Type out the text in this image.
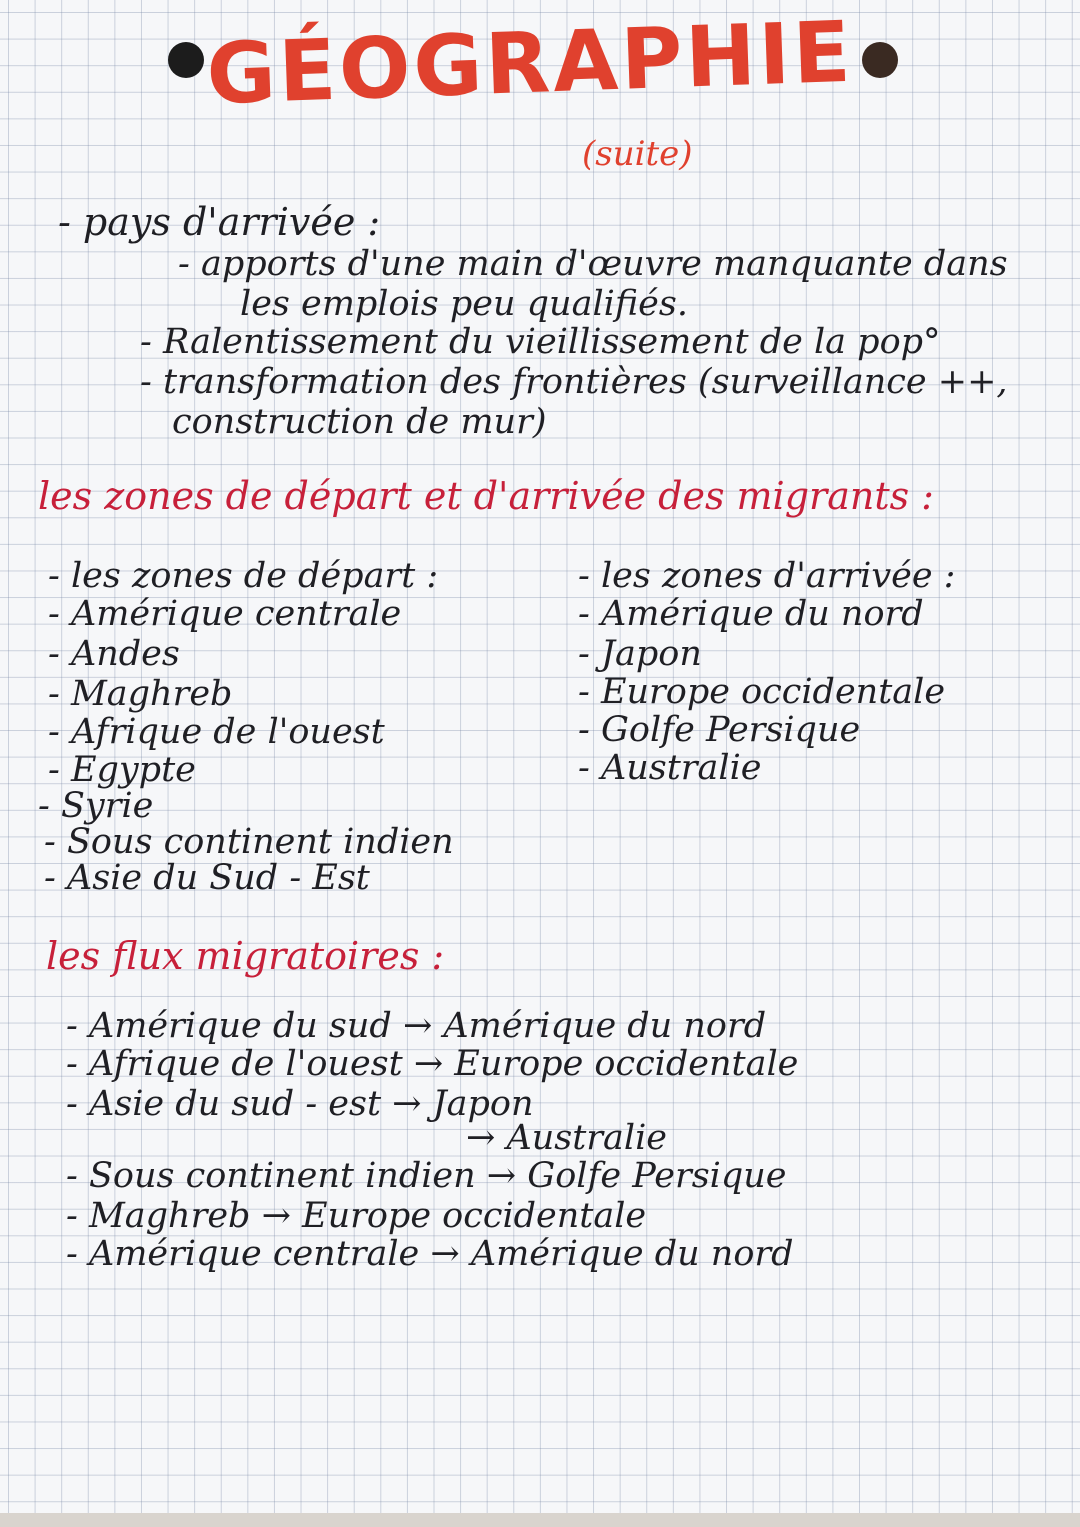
GÉOGRAPHIE
(suite)
- pays d'arrivée :
- apports d'une main d'œuvre manquante dans
les emplois peu qualifiés.
- Ralentissement du vieillissement de la pop°
- transformation des frontières (surveillance ++,
construction de mur)
les zones de départ et d'arrivée des migrants :
- les zones de départ :
- Amérique centrale
- Andes
- Maghreb
- Afrique de l'ouest
- Egypte
- Syrie
- Sous continent indien
- Asie du Sud - Est
- les zones d'arrivée :
- Amérique du nord
- Japon
- Europe occidentale
- Golfe Persique
- Australie
les flux migratoires :
- Amérique du sud → Amérique du nord
- Afrique de l'ouest → Europe occidentale
- Asie du sud - est → Japon
→ Australie
- Sous continent indien → Golfe Persique
- Maghreb → Europe occidentale
- Amérique centrale → Amérique du nord
